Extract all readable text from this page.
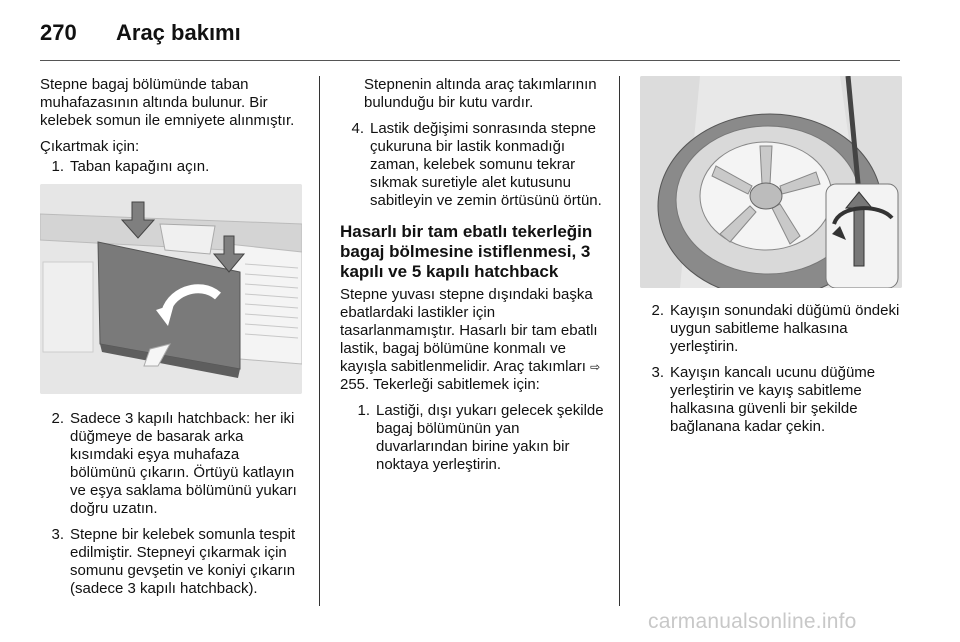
270	Araç bakımı

Stepne bagaj bölümünde taban muhafazasının altında bulunur. Bir kelebek somun ile emniyete alınmıştır.

Çıkartmak için:

1. Taban kapağını açın.
2. Sadece 3 kapılı hatchback: her iki düğmeye de basarak arka kısımdaki eşya muhafaza bölümünü çıkarın. Örtüyü katlayın ve eşya saklama bölümünü yukarı doğru uzatın.
3. Stepne bir kelebek somunla tespit edilmiştir. Stepneyi çıkarmak için somunu gevşetin ve koniyi çıkarın (sadece 3 kapılı hatchback).

Stepnenin altında araç takımlarının bulunduğu bir kutu vardır.

4. Lastik değişimi sonrasında stepne çukuruna bir lastik konmadığı zaman, kelebek somunu tekrar sıkmak suretiyle alet kutusunu sabitleyin ve zemin örtüsünü örtün.
Hasarlı bir tam ebatlı tekerleğin bagaj bölmesine istiflenmesi, 3 kapılı ve 5 kapılı hatchback

Stepne yuvası stepne dışındaki başka ebatlardaki lastikler için tasarlanmamıştır. Hasarlı bir tam ebatlı lastik, bagaj bölümüne konmalı ve kayışla sabitlenmelidir. Araç takımları ⇨ 255. Tekerleği sabitlemek için:

1. Lastiği, dışı yukarı gelecek şekilde bagaj bölümünün yan duvarlarından birine yakın bir noktaya yerleştirin.
2. Kayışın sonundaki düğümü öndeki uygun sabitleme halkasına yerleştirin.
3. Kayışın kancalı ucunu düğüme yerleştirin ve kayış sabitleme halkasına güvenli bir şekilde bağlanana kadar çekin.
carmanualsonline.info
